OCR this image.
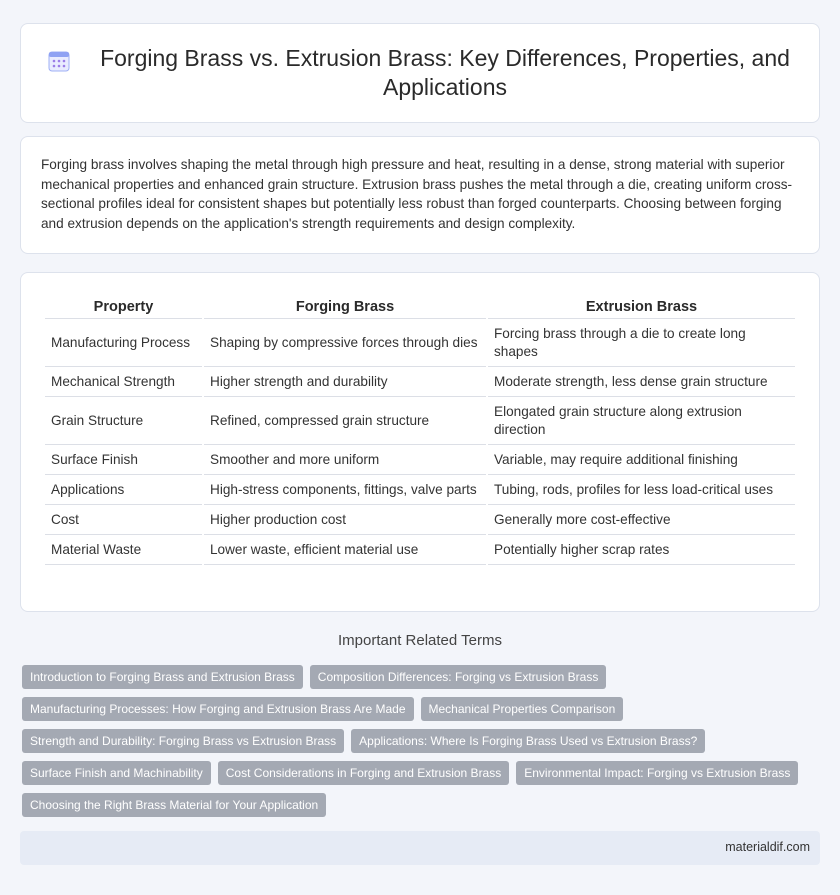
Forging Brass vs. Extrusion Brass: Key Differences, Properties, and Applications

Forging brass involves shaping the metal through high pressure and heat, resulting in a dense, strong material with superior mechanical properties and enhanced grain structure. Extrusion brass pushes the metal through a die, creating uniform cross-sectional profiles ideal for consistent shapes but potentially less robust than forged counterparts. Choosing between forging and extrusion depends on the application's strength requirements and design complexity.

Property	Forging Brass	Extrusion Brass
Manufacturing Process	Shaping by compressive forces through dies	Forcing brass through a die to create long shapes
Mechanical Strength	Higher strength and durability	Moderate strength, less dense grain structure
Grain Structure	Refined, compressed grain structure	Elongated grain structure along extrusion direction
Surface Finish	Smoother and more uniform	Variable, may require additional finishing
Applications	High-stress components, fittings, valve parts	Tubing, rods, profiles for less load-critical uses
Cost	Higher production cost	Generally more cost-effective
Material Waste	Lower waste, efficient material use	Potentially higher scrap rates
Important Related Terms
Introduction to Forging Brass and Extrusion Brass	Composition Differences: Forging vs Extrusion Brass
Manufacturing Processes: How Forging and Extrusion Brass Are Made	Mechanical Properties Comparison
Strength and Durability: Forging Brass vs Extrusion Brass	Applications: Where Is Forging Brass Used vs Extrusion Brass?
Surface Finish and Machinability	Cost Considerations in Forging and Extrusion Brass	Environmental Impact: Forging vs Extrusion Brass
Choosing the Right Brass Material for Your Application
materialdif.com
